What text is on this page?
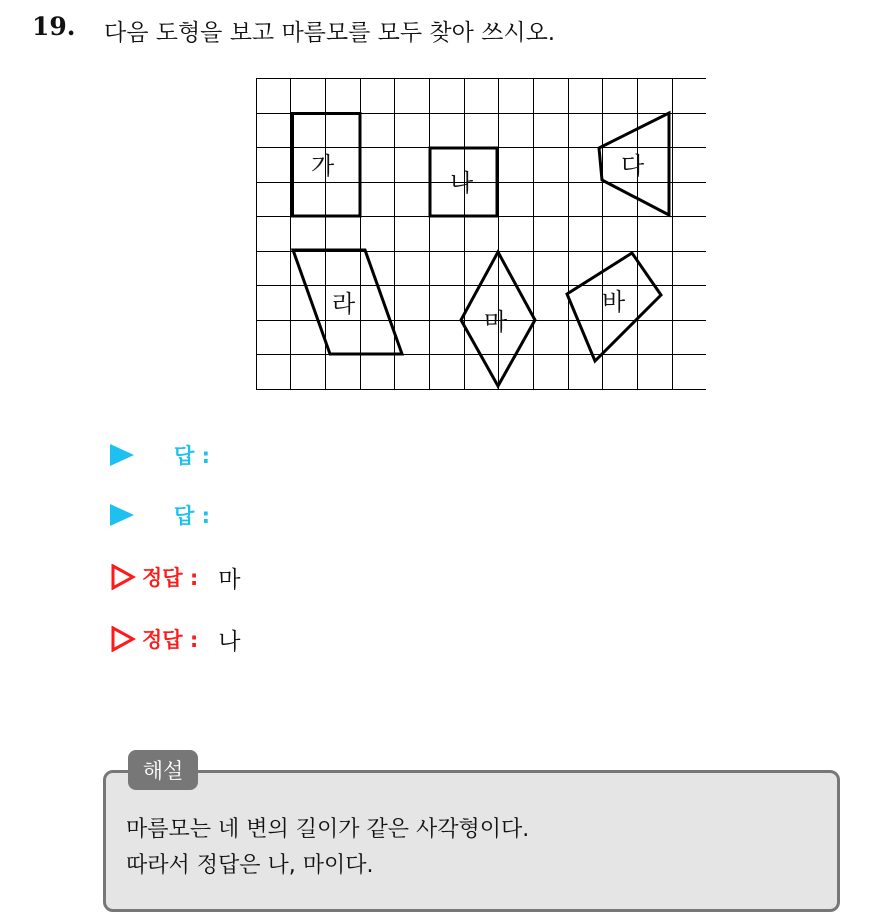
19. 다음 도형을 보고 마름모를 모두 찾아 쓰시오.
가
나
다
라
마
바
답 :
답 :
정답 : 마
정답 : 나
해설
마름모는 네 변의 길이가 같은 사각형이다.
따라서 정답은 나, 마이다.
